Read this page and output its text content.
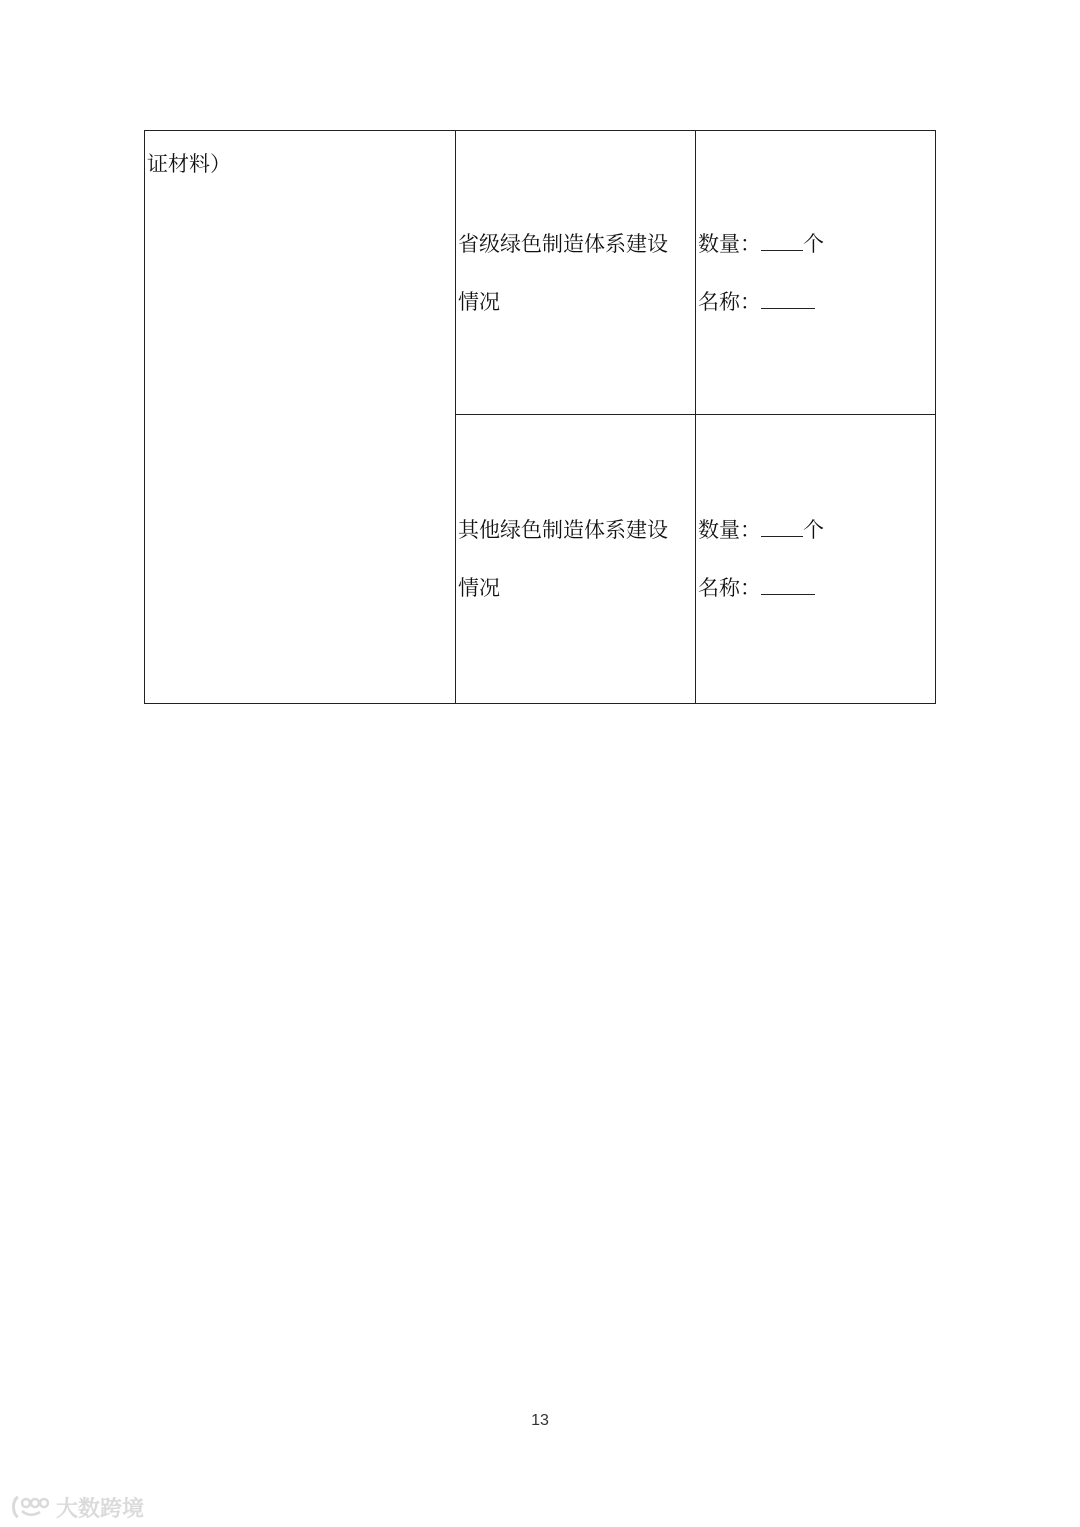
证材料）	省级绿色制造体系建设
情况	数量： 个
名称：

	其他绿色制造体系建设
情况	数量： 个
名称：
13
大数跨境
